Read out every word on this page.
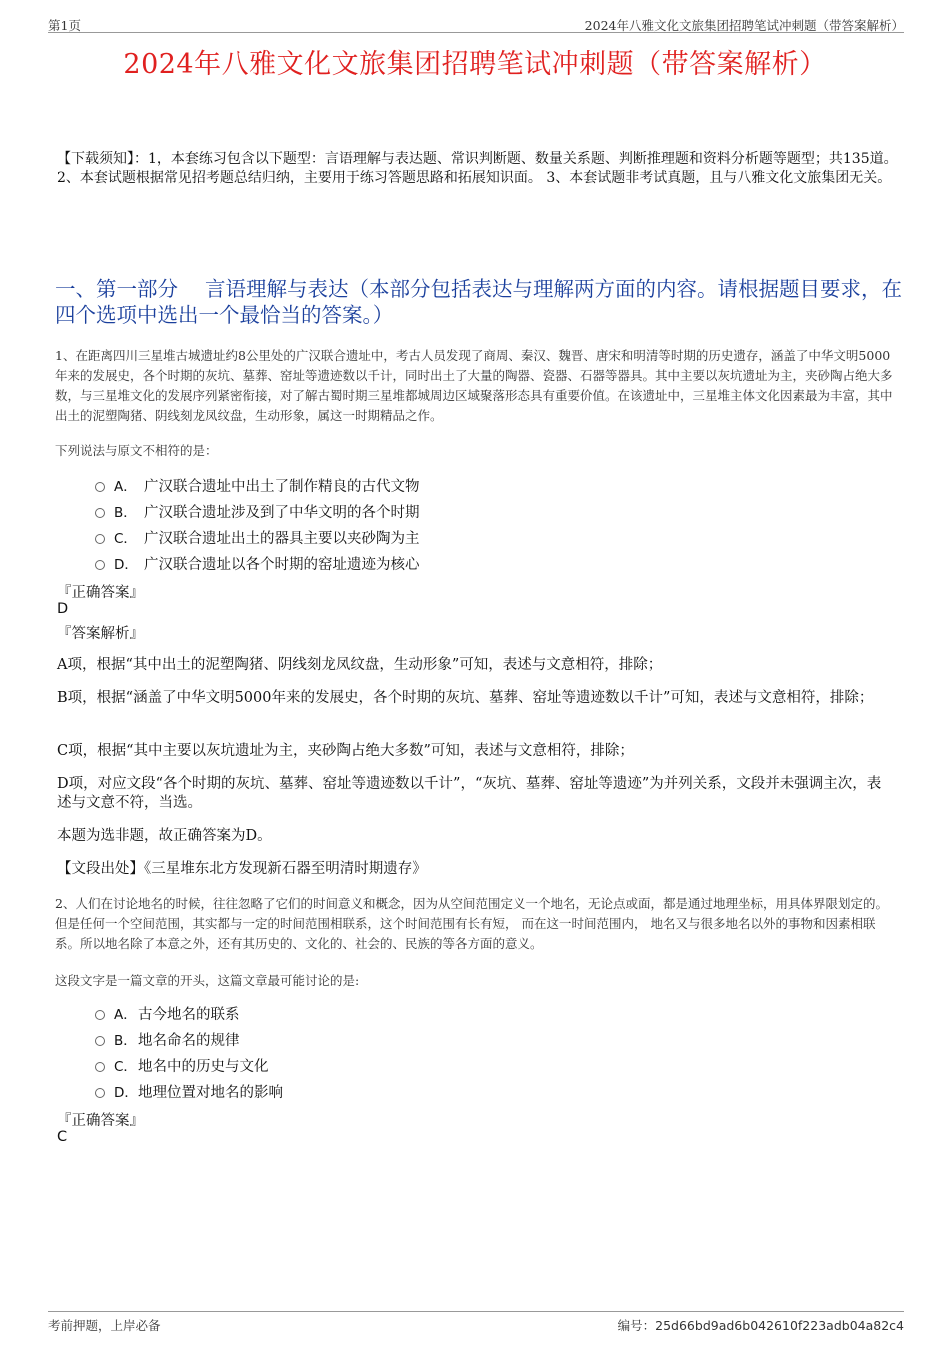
第1页	2024年八雅文化文旅集团招聘笔试冲刺题（带答案解析）
2024年八雅文化文旅集团招聘笔试冲刺题（带答案解析）
【下载须知】：1，本套练习包含以下题型：言语理解与表达题、常识判断题、数量关系题、判断推理题和资料分析题等题型；共135道。 2、本套试题根据常见招考题总结归纳，主要用于练习答题思路和拓展知识面。 3、本套试题非考试真题，且与八雅文化文旅集团无关。
一、第一部分　 言语理解与表达（本部分包括表达与理解两方面的内容。请根据题目要求，在四个选项中选出一个最恰当的答案。）
1、在距离四川三星堆古城遗址约8公里处的广汉联合遗址中，考古人员发现了商周、秦汉、魏晋、唐宋和明清等时期的历史遗存，涵盖了中华文明5000年来的发展史，各个时期的灰坑、墓葬、窑址等遗迹数以千计，同时出土了大量的陶器、瓷器、石器等器具。其中主要以灰坑遗址为主，夹砂陶占绝大多数，与三星堆文化的发展序列紧密衔接，对了解古蜀时期三星堆都城周边区域聚落形态具有重要价值。在该遗址中，三星堆主体文化因素最为丰富，其中出土的泥塑陶猪、阴线刻龙凤纹盘，生动形象，属这一时期精品之作。
下列说法与原文不相符的是：
A． 广汉联合遗址中出土了制作精良的古代文物
B． 广汉联合遗址涉及到了中华文明的各个时期
C． 广汉联合遗址出土的器具主要以夹砂陶为主
D． 广汉联合遗址以各个时期的窑址遗迹为核心
『正确答案』
D
『答案解析』
A项，根据“其中出土的泥塑陶猪、阴线刻龙凤纹盘，生动形象”可知，表述与文意相符，排除；
B项，根据“涵盖了中华文明5000年来的发展史，各个时期的灰坑、墓葬、窑址等遗迹数以千计”可知，表述与文意相符，排除；
C项，根据“其中主要以灰坑遗址为主，夹砂陶占绝大多数”可知，表述与文意相符，排除；
D项，对应文段“各个时期的灰坑、墓葬、窑址等遗迹数以千计”，“灰坑、墓葬、窑址等遗迹”为并列关系，文段并未强调主次，表述与文意不符，当选。
本题为选非题，故正确答案为D。
【文段出处】《三星堆东北方发现新石器至明清时期遗存》
2、人们在讨论地名的时候，往往忽略了它们的时间意义和概念，因为从空间范围定义一个地名，无论点或面，都是通过地理坐标，用具体界限划定的。但是任何一个空间范围，其实都与一定的时间范围相联系，这个时间范围有长有短， 而在这一时间范围内， 地名又与很多地名以外的事物和因素相联系。所以地名除了本意之外，还有其历史的、文化的、社会的、民族的等各方面的意义。
这段文字是一篇文章的开头，这篇文章最可能讨论的是:
A． 古今地名的联系
B． 地名命名的规律
C． 地名中的历史与文化
D． 地理位置对地名的影响
『正确答案』
C
考前押题，上岸必备	编号：25d66bd9ad6b042610f223adb04a82c4
